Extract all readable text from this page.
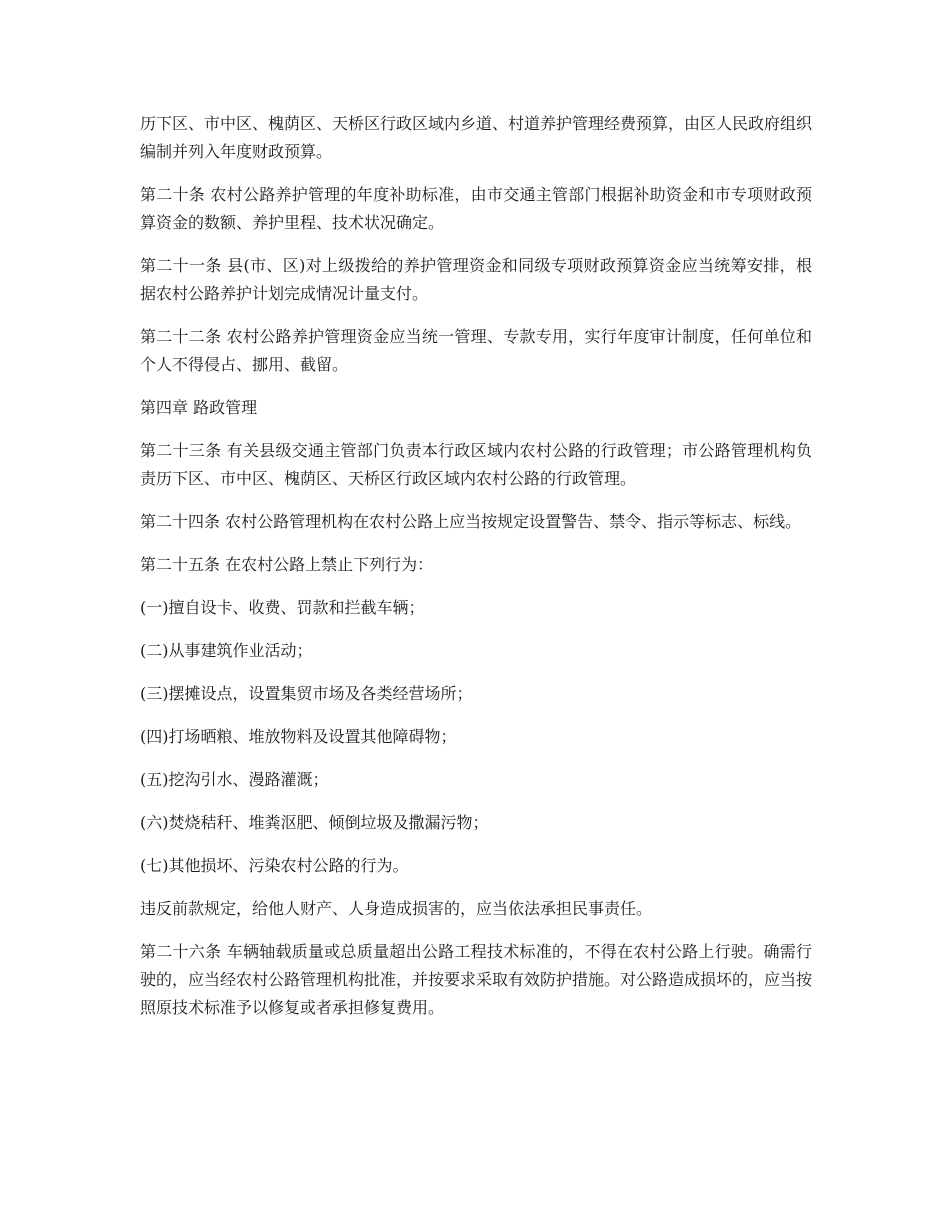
历下区、市中区、槐荫区、天桥区行政区域内乡道、村道养护管理经费预算，由区人民政府组织编制并列入年度财政预算。

第二十条 农村公路养护管理的年度补助标准，由市交通主管部门根据补助资金和市专项财政预算资金的数额、养护里程、技术状况确定。

第二十一条 县(市、区)对上级拨给的养护管理资金和同级专项财政预算资金应当统筹安排，根据农村公路养护计划完成情况计量支付。

第二十二条 农村公路养护管理资金应当统一管理、专款专用，实行年度审计制度，任何单位和个人不得侵占、挪用、截留。

第四章 路政管理

第二十三条 有关县级交通主管部门负责本行政区域内农村公路的行政管理；市公路管理机构负责历下区、市中区、槐荫区、天桥区行政区域内农村公路的行政管理。

第二十四条 农村公路管理机构在农村公路上应当按规定设置警告、禁令、指示等标志、标线。

第二十五条 在农村公路上禁止下列行为：

(一)擅自设卡、收费、罚款和拦截车辆；

(二)从事建筑作业活动；

(三)摆摊设点，设置集贸市场及各类经营场所；

(四)打场晒粮、堆放物料及设置其他障碍物；

(五)挖沟引水、漫路灌溉；

(六)焚烧秸秆、堆粪沤肥、倾倒垃圾及撒漏污物；

(七)其他损坏、污染农村公路的行为。

违反前款规定，给他人财产、人身造成损害的，应当依法承担民事责任。

第二十六条 车辆轴载质量或总质量超出公路工程技术标准的，不得在农村公路上行驶。确需行驶的，应当经农村公路管理机构批准，并按要求采取有效防护措施。对公路造成损坏的，应当按照原技术标准予以修复或者承担修复费用。
